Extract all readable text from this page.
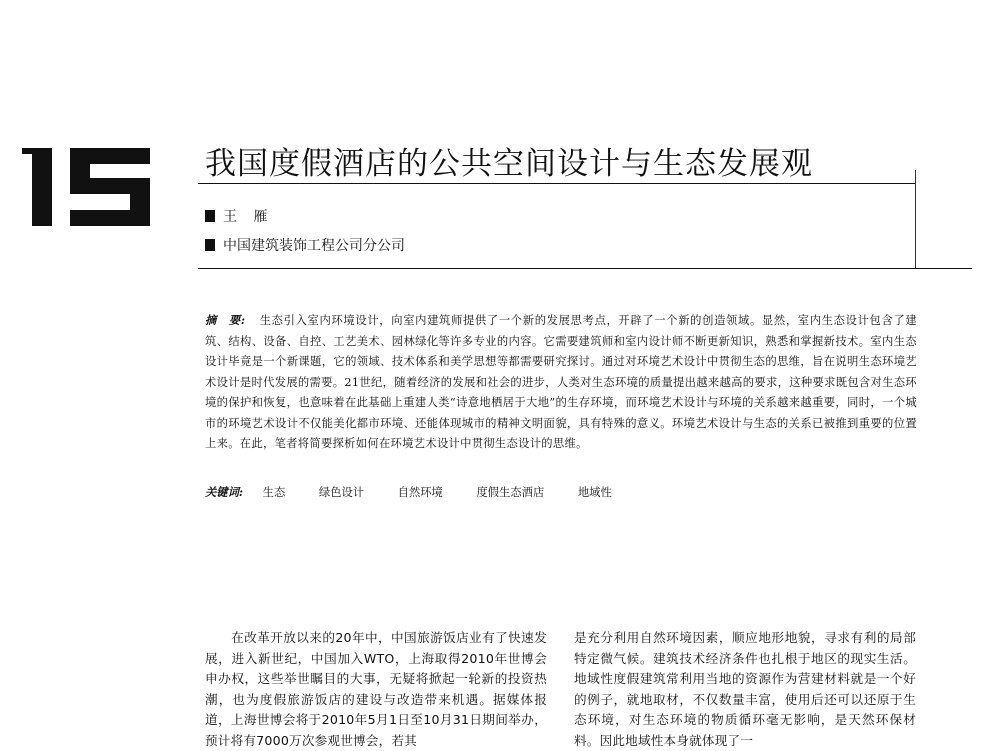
我国度假酒店的公共空间设计与生态发展观
王 雁
中国建筑装饰工程公司分公司
摘　要: 生态引入室内环境设计，向室内建筑师提供了一个新的发展思考点，开辟了一个新的创造领域。显然，室内生态设计包含了建筑、结构、设备、自控、工艺美术、园林绿化等许多专业的内容。它需要建筑师和室内设计师不断更新知识，熟悉和掌握新技术。室内生态设计毕竟是一个新课题，它的领域、技术体系和美学思想等都需要研究探讨。通过对环境艺术设计中贯彻生态的思维，旨在说明生态环境艺术设计是时代发展的需要。21世纪，随着经济的发展和社会的进步，人类对生态环境的质量提出越来越高的要求，这种要求既包含对生态环境的保护和恢复，也意味着在此基础上重建人类“诗意地栖居于大地”的生存环境，而环境艺术设计与环境的关系越来越重要，同时，一个城市的环境艺术设计不仅能美化都市环境、还能体现城市的精神文明面貌，具有特殊的意义。环境艺术设计与生态的关系已被推到重要的位置上来。在此，笔者将简要探析如何在环境艺术设计中贯彻生态设计的思维。
关键词: 生态	绿色设计	自然环境	度假生态酒店	地域性
在改革开放以来的20年中，中国旅游饭店业有了快速发展，进入新世纪，中国加入WTO，上海取得2010年世博会申办权，这些举世瞩目的大事，无疑将掀起一轮新的投资热潮，也为度假旅游饭店的建设与改造带来机遇。据媒体报道，上海世博会将于2010年5月1日至10月31日期间举办，预计将有7000万次参观世博会，若其
是充分利用自然环境因素，顺应地形地貌，寻求有利的局部特定微气候。建筑技术经济条件也扎根于地区的现实生活。地域性度假建筑常利用当地的资源作为营建材料就是一个好的例子，就地取材，不仅数量丰富，使用后还可以还原于生态环境，对生态环境的物质循环毫无影响，是天然环保材料。因此地域性本身就体现了一
